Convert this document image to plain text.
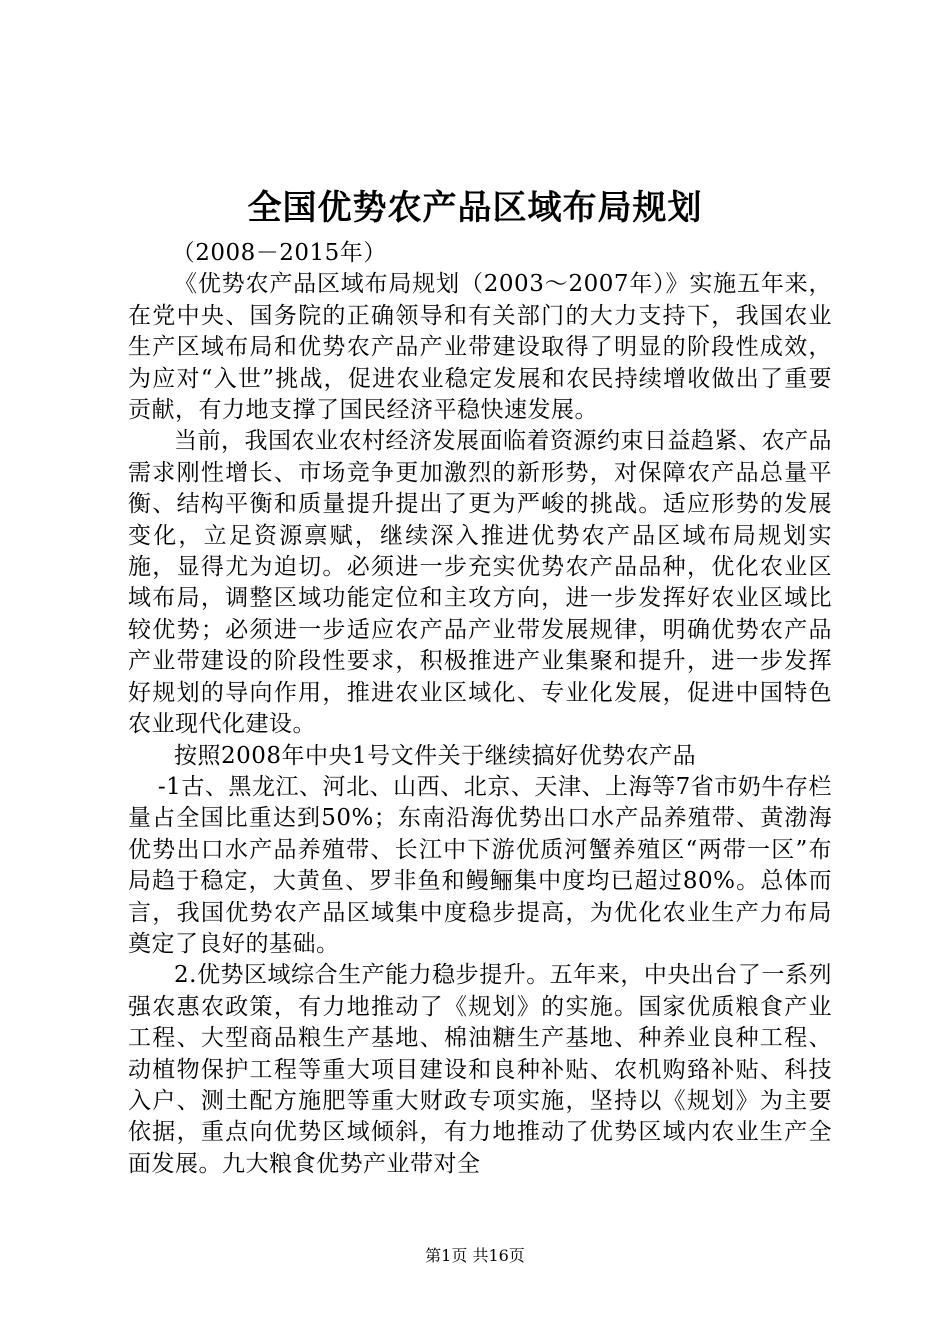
全国优势农产品区域布局规划

（2008－2015年）

《优势农产品区域布局规划（2003～2007年）》实施五年来，在党中央、国务院的正确领导和有关部门的大力支持下，我国农业生产区域布局和优势农产品产业带建设取得了明显的阶段性成效，为应对“入世”挑战，促进农业稳定发展和农民持续增收做出了重要贡献，有力地支撑了国民经济平稳快速发展。

当前，我国农业农村经济发展面临着资源约束日益趋紧、农产品需求刚性增长、市场竞争更加激烈的新形势，对保障农产品总量平衡、结构平衡和质量提升提出了更为严峻的挑战。适应形势的发展变化，立足资源禀赋，继续深入推进优势农产品区域布局规划实施，显得尤为迫切。必须进一步充实优势农产品品种，优化农业区域布局，调整区域功能定位和主攻方向，进一步发挥好农业区域比较优势；必须进一步适应农产品产业带发展规律，明确优势农产品产业带建设的阶段性要求，积极推进产业集聚和提升，进一步发挥好规划的导向作用，推进农业区域化、专业化发展，促进中国特色农业现代化建设。

按照2008年中央1号文件关于继续搞好优势农产品

-1古、黑龙江、河北、山西、北京、天津、上海等7省市奶牛存栏量占全国比重达到50%；东南沿海优势出口水产品养殖带、黄渤海优势出口水产品养殖带、长江中下游优质河蟹养殖区“两带一区”布局趋于稳定，大黄鱼、罗非鱼和鳗鲡集中度均已超过80%。总体而言，我国优势农产品区域集中度稳步提高，为优化农业生产力布局奠定了良好的基础。

2.优势区域综合生产能力稳步提升。五年来，中央出台了一系列强农惠农政策，有力地推动了《规划》的实施。国家优质粮食产业工程、大型商品粮生产基地、棉油糖生产基地、种养业良种工程、动植物保护工程等重大项目建设和良种补贴、农机购臵补贴、科技入户、测土配方施肥等重大财政专项实施，坚持以《规划》为主要依据，重点向优势区域倾斜，有力地推动了优势区域内农业生产全面发展。九大粮食优势产业带对全

第1页 共16页
